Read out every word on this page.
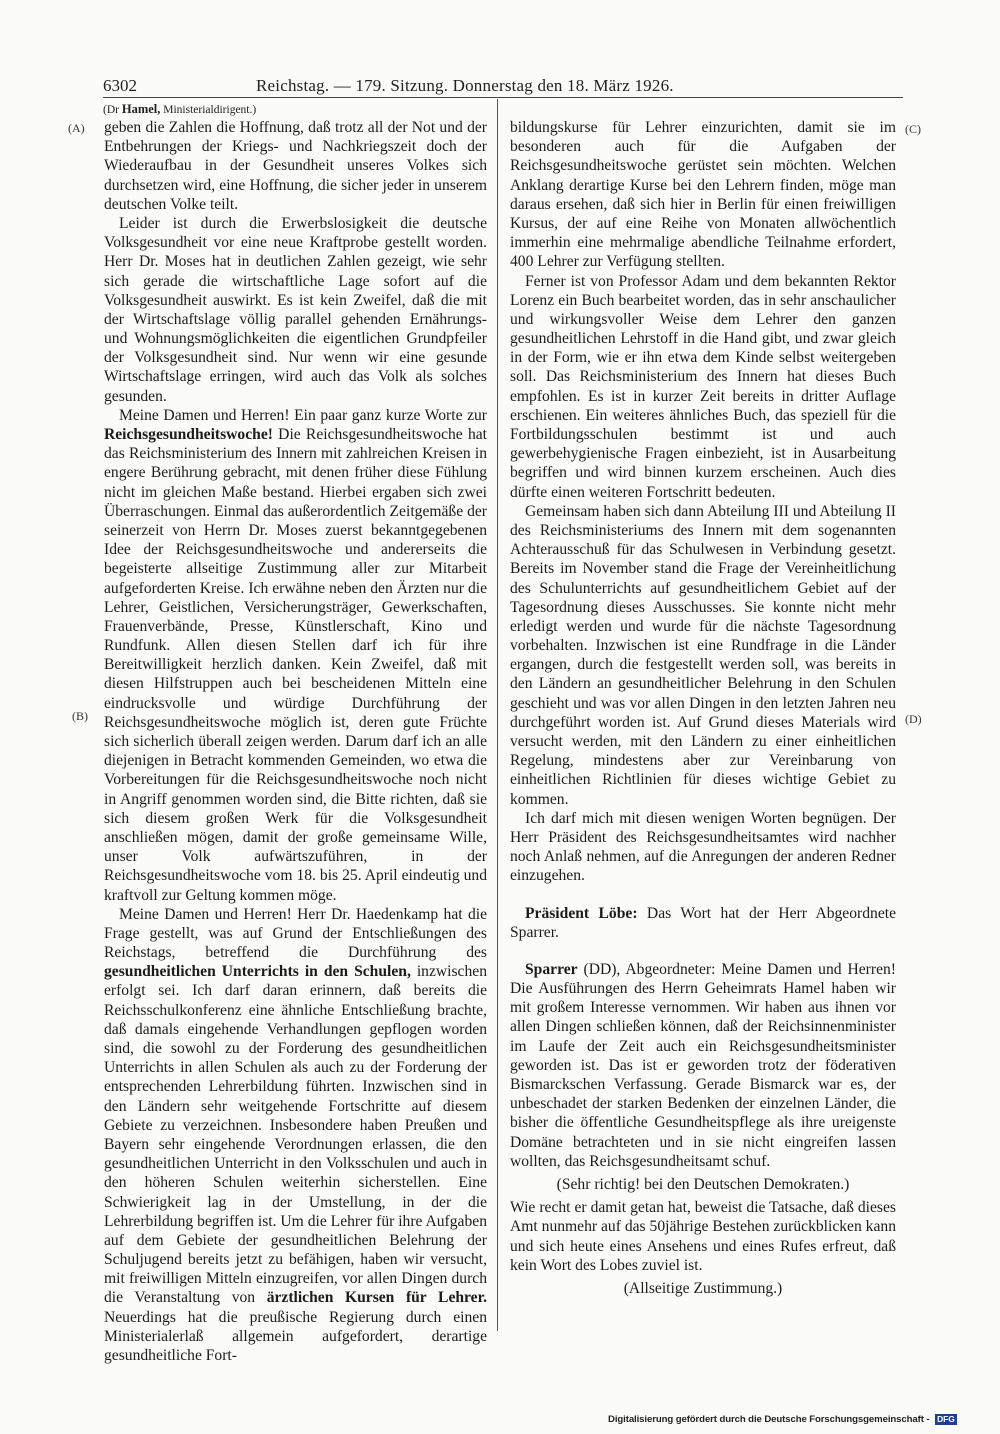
6302	Reichstag. — 179. Sitzung. Donnerstag den 18. März 1926.
(Dr Hamel, Ministerialdirigent.)
(A)
(B)
(C)
(D)

geben die Zahlen die Hoffnung, daß trotz all der Not und der Entbehrungen der Kriegs- und Nachkriegszeit doch der Wiederaufbau in der Gesundheit unseres Volkes sich durchsetzen wird, eine Hoffnung, die sicher jeder in unserem deutschen Volke teilt.

Leider ist durch die Erwerbslosigkeit die deutsche Volksgesundheit vor eine neue Kraftprobe gestellt worden. Herr Dr. Moses hat in deutlichen Zahlen gezeigt, wie sehr sich gerade die wirtschaftliche Lage sofort auf die Volksgesundheit auswirkt. Es ist kein Zweifel, daß die mit der Wirtschaftslage völlig parallel gehenden Ernährungs- und Wohnungsmöglichkeiten die eigentlichen Grundpfeiler der Volksgesundheit sind. Nur wenn wir eine gesunde Wirtschaftslage erringen, wird auch das Volk als solches gesunden.

Meine Damen und Herren! Ein paar ganz kurze Worte zur Reichsgesundheitswoche! Die Reichsgesundheitswoche hat das Reichsministerium des Innern mit zahlreichen Kreisen in engere Berührung gebracht, mit denen früher diese Fühlung nicht im gleichen Maße bestand. Hierbei ergaben sich zwei Überraschungen. Einmal das außerordentlich Zeitgemäße der seinerzeit von Herrn Dr. Moses zuerst bekanntgegebenen Idee der Reichsgesundheitswoche und andererseits die begeisterte allseitige Zustimmung aller zur Mitarbeit aufgeforderten Kreise. Ich erwähne neben den Ärzten nur die Lehrer, Geistlichen, Versicherungsträger, Gewerkschaften, Frauenverbände, Presse, Künstlerschaft, Kino und Rundfunk. Allen diesen Stellen darf ich für ihre Bereitwilligkeit herzlich danken. Kein Zweifel, daß mit diesen Hilfstruppen auch bei bescheidenen Mitteln eine eindrucksvolle und würdige Durchführung der Reichsgesundheitswoche möglich ist, deren gute Früchte sich sicherlich überall zeigen werden. Darum darf ich an alle diejenigen in Betracht kommenden Gemeinden, wo etwa die Vorbereitungen für die Reichsgesundheitswoche noch nicht in Angriff genommen worden sind, die Bitte richten, daß sie sich diesem großen Werk für die Volksgesundheit anschließen mögen, damit der große gemeinsame Wille, unser Volk aufwärtszuführen, in der Reichsgesundheitswoche vom 18. bis 25. April eindeutig und kraftvoll zur Geltung kommen möge.

Meine Damen und Herren! Herr Dr. Haedenkamp hat die Frage gestellt, was auf Grund der Entschließungen des Reichstags, betreffend die Durchführung des gesundheitlichen Unterrichts in den Schulen, inzwischen erfolgt sei. Ich darf daran erinnern, daß bereits die Reichsschulkonferenz eine ähnliche Entschließung brachte, daß damals eingehende Verhandlungen gepflogen worden sind, die sowohl zu der Forderung des gesundheitlichen Unterrichts in allen Schulen als auch zu der Forderung der entsprechenden Lehrerbildung führten. Inzwischen sind in den Ländern sehr weitgehende Fortschritte auf diesem Gebiete zu verzeichnen. Insbesondere haben Preußen und Bayern sehr eingehende Verordnungen erlassen, die den gesundheitlichen Unterricht in den Volksschulen und auch in den höheren Schulen weiterhin sicherstellen. Eine Schwierigkeit lag in der Umstellung, in der die Lehrerbildung begriffen ist. Um die Lehrer für ihre Aufgaben auf dem Gebiete der gesundheitlichen Belehrung der Schuljugend bereits jetzt zu befähigen, haben wir versucht, mit freiwilligen Mitteln einzugreifen, vor allen Dingen durch die Veranstaltung von ärztlichen Kursen für Lehrer. Neuerdings hat die preußische Regierung durch einen Ministerialerlaß allgemein aufgefordert, derartige gesundheitliche Fort-

bildungskurse für Lehrer einzurichten, damit sie im besonderen auch für die Aufgaben der Reichsgesundheitswoche gerüstet sein möchten. Welchen Anklang derartige Kurse bei den Lehrern finden, möge man daraus ersehen, daß sich hier in Berlin für einen freiwilligen Kursus, der auf eine Reihe von Monaten allwöchentlich immerhin eine mehrmalige abendliche Teilnahme erfordert, 400 Lehrer zur Verfügung stellten.

Ferner ist von Professor Adam und dem bekannten Rektor Lorenz ein Buch bearbeitet worden, das in sehr anschaulicher und wirkungsvoller Weise dem Lehrer den ganzen gesundheitlichen Lehrstoff in die Hand gibt, und zwar gleich in der Form, wie er ihn etwa dem Kinde selbst weitergeben soll. Das Reichsministerium des Innern hat dieses Buch empfohlen. Es ist in kurzer Zeit bereits in dritter Auflage erschienen. Ein weiteres ähnliches Buch, das speziell für die Fortbildungsschulen bestimmt ist und auch gewerbehygienische Fragen einbezieht, ist in Ausarbeitung begriffen und wird binnen kurzem erscheinen. Auch dies dürfte einen weiteren Fortschritt bedeuten.

Gemeinsam haben sich dann Abteilung III und Abteilung II des Reichsministeriums des Innern mit dem sogenannten Achterausschuß für das Schulwesen in Verbindung gesetzt. Bereits im November stand die Frage der Vereinheitlichung des Schulunterrichts auf gesundheitlichem Gebiet auf der Tagesordnung dieses Ausschusses. Sie konnte nicht mehr erledigt werden und wurde für die nächste Tagesordnung vorbehalten. Inzwischen ist eine Rundfrage in die Länder ergangen, durch die festgestellt werden soll, was bereits in den Ländern an gesundheitlicher Belehrung in den Schulen geschieht und was vor allen Dingen in den letzten Jahren neu durchgeführt worden ist. Auf Grund dieses Materials wird versucht werden, mit den Ländern zu einer einheitlichen Regelung, mindestens aber zur Vereinbarung von einheitlichen Richtlinien für dieses wichtige Gebiet zu kommen.

Ich darf mich mit diesen wenigen Worten begnügen. Der Herr Präsident des Reichsgesundheitsamtes wird nachher noch Anlaß nehmen, auf die Anregungen der anderen Redner einzugehen.

Präsident Löbe: Das Wort hat der Herr Abgeordnete Sparrer.

Sparrer (DD), Abgeordneter: Meine Damen und Herren! Die Ausführungen des Herrn Geheimrats Hamel haben wir mit großem Interesse vernommen. Wir haben aus ihnen vor allen Dingen schließen können, daß der Reichsinnenminister im Laufe der Zeit auch ein Reichsgesundheitsminister geworden ist. Das ist er geworden trotz der föderativen Bismarckschen Verfassung. Gerade Bismarck war es, der unbeschadet der starken Bedenken der einzelnen Länder, die bisher die öffentliche Gesundheitspflege als ihre ureigenste Domäne betrachteten und in sie nicht eingreifen lassen wollten, das Reichsgesundheitsamt schuf.

(Sehr richtig! bei den Deutschen Demokraten.)

Wie recht er damit getan hat, beweist die Tatsache, daß dieses Amt nunmehr auf das 50jährige Bestehen zurückblicken kann und sich heute eines Ansehens und eines Rufes erfreut, daß kein Wort des Lobes zuviel ist.

(Allseitige Zustimmung.)

Digitalisierung gefördert durch die Deutsche Forschungsgemeinschaft - DFG
